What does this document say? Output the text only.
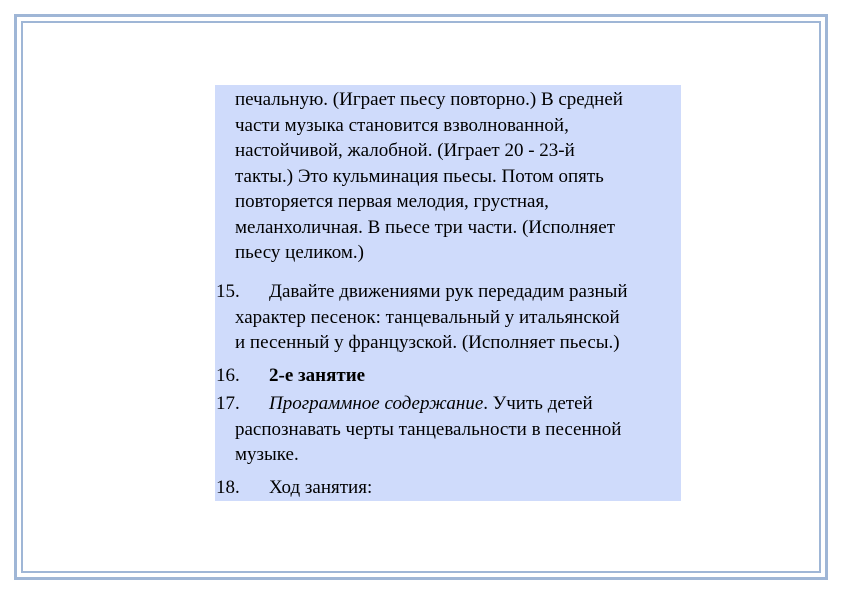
печальную. (Играет пьесу повторно.) В средней
части музыка становится взволнованной,
настойчивой, жалобной. (Играет 20 - 23-й
такты.) Это кульминация пьесы. Потом опять
повторяется первая мелодия, грустная,
меланхоличная. В пьесе три части. (Исполняет
пьесу целиком.)
15.	Давайте движениями рук передадим разный
характер песенок: танцевальный у итальянской
и песенный у французской. (Исполняет пьесы.)
16.	2-е занятие
17.	Программное содержание. Учить детей
распознавать черты танцевальности в песенной
музыке.
18.	Ход занятия:
